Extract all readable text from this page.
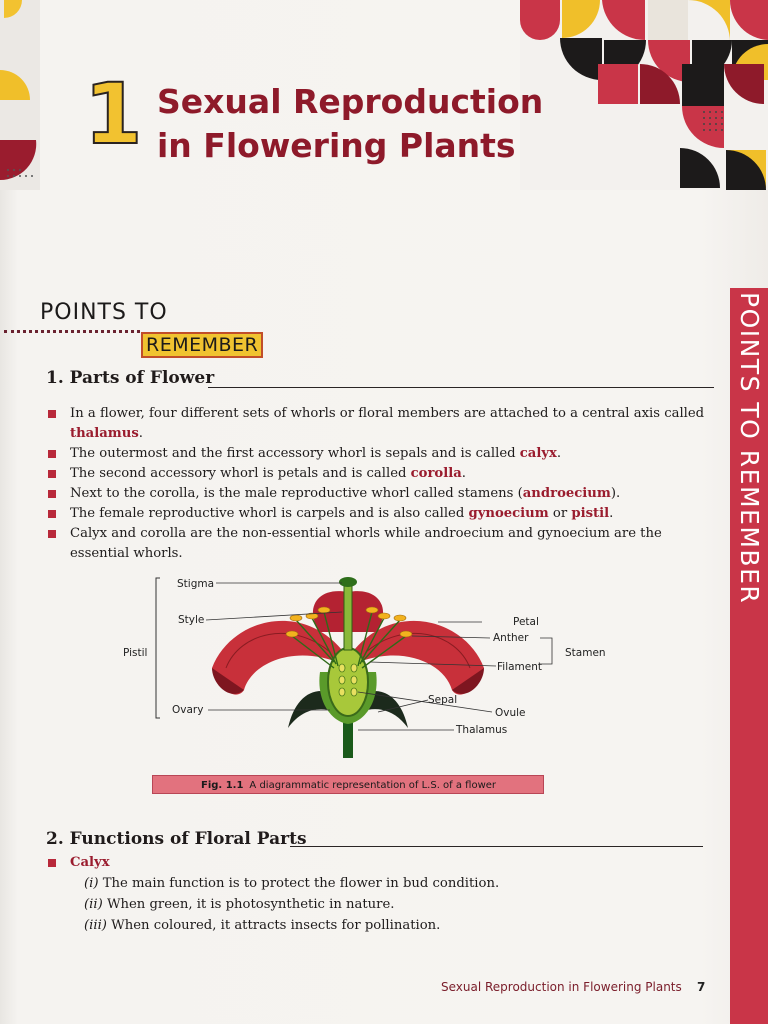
1 Sexual Reproduction
in Flowering Plants
POINTS TO
REMEMBER	POINTS TO REMEMBER
1. Parts of Flower
In a flower, four different sets of whorls or floral members are attached to a central axis called thalamus.
The outermost and the first accessory whorl is sepals and is called calyx.
The second accessory whorl is petals and is called corolla.
Next to the corolla, is the male reproductive whorl called stamens (androecium).
The female reproductive whorl is carpels and is also called gynoecium or pistil.
Calyx and corolla are the non-essential whorls while androecium and gynoecium are the essential whorls.
Stigma
Style
Pistil
Ovary
Petal
Anther
Filament
Stamen
Sepal
Ovule
Thalamus
Fig. 1.1 A diagrammatic representation of L.S. of a flower
2. Functions of Floral Parts
Calyx
(i) The main function is to protect the flower in bud condition.
(ii) When green, it is photosynthetic in nature.
(iii) When coloured, it attracts insects for pollination.
Sexual Reproduction in Flowering Plants 7
